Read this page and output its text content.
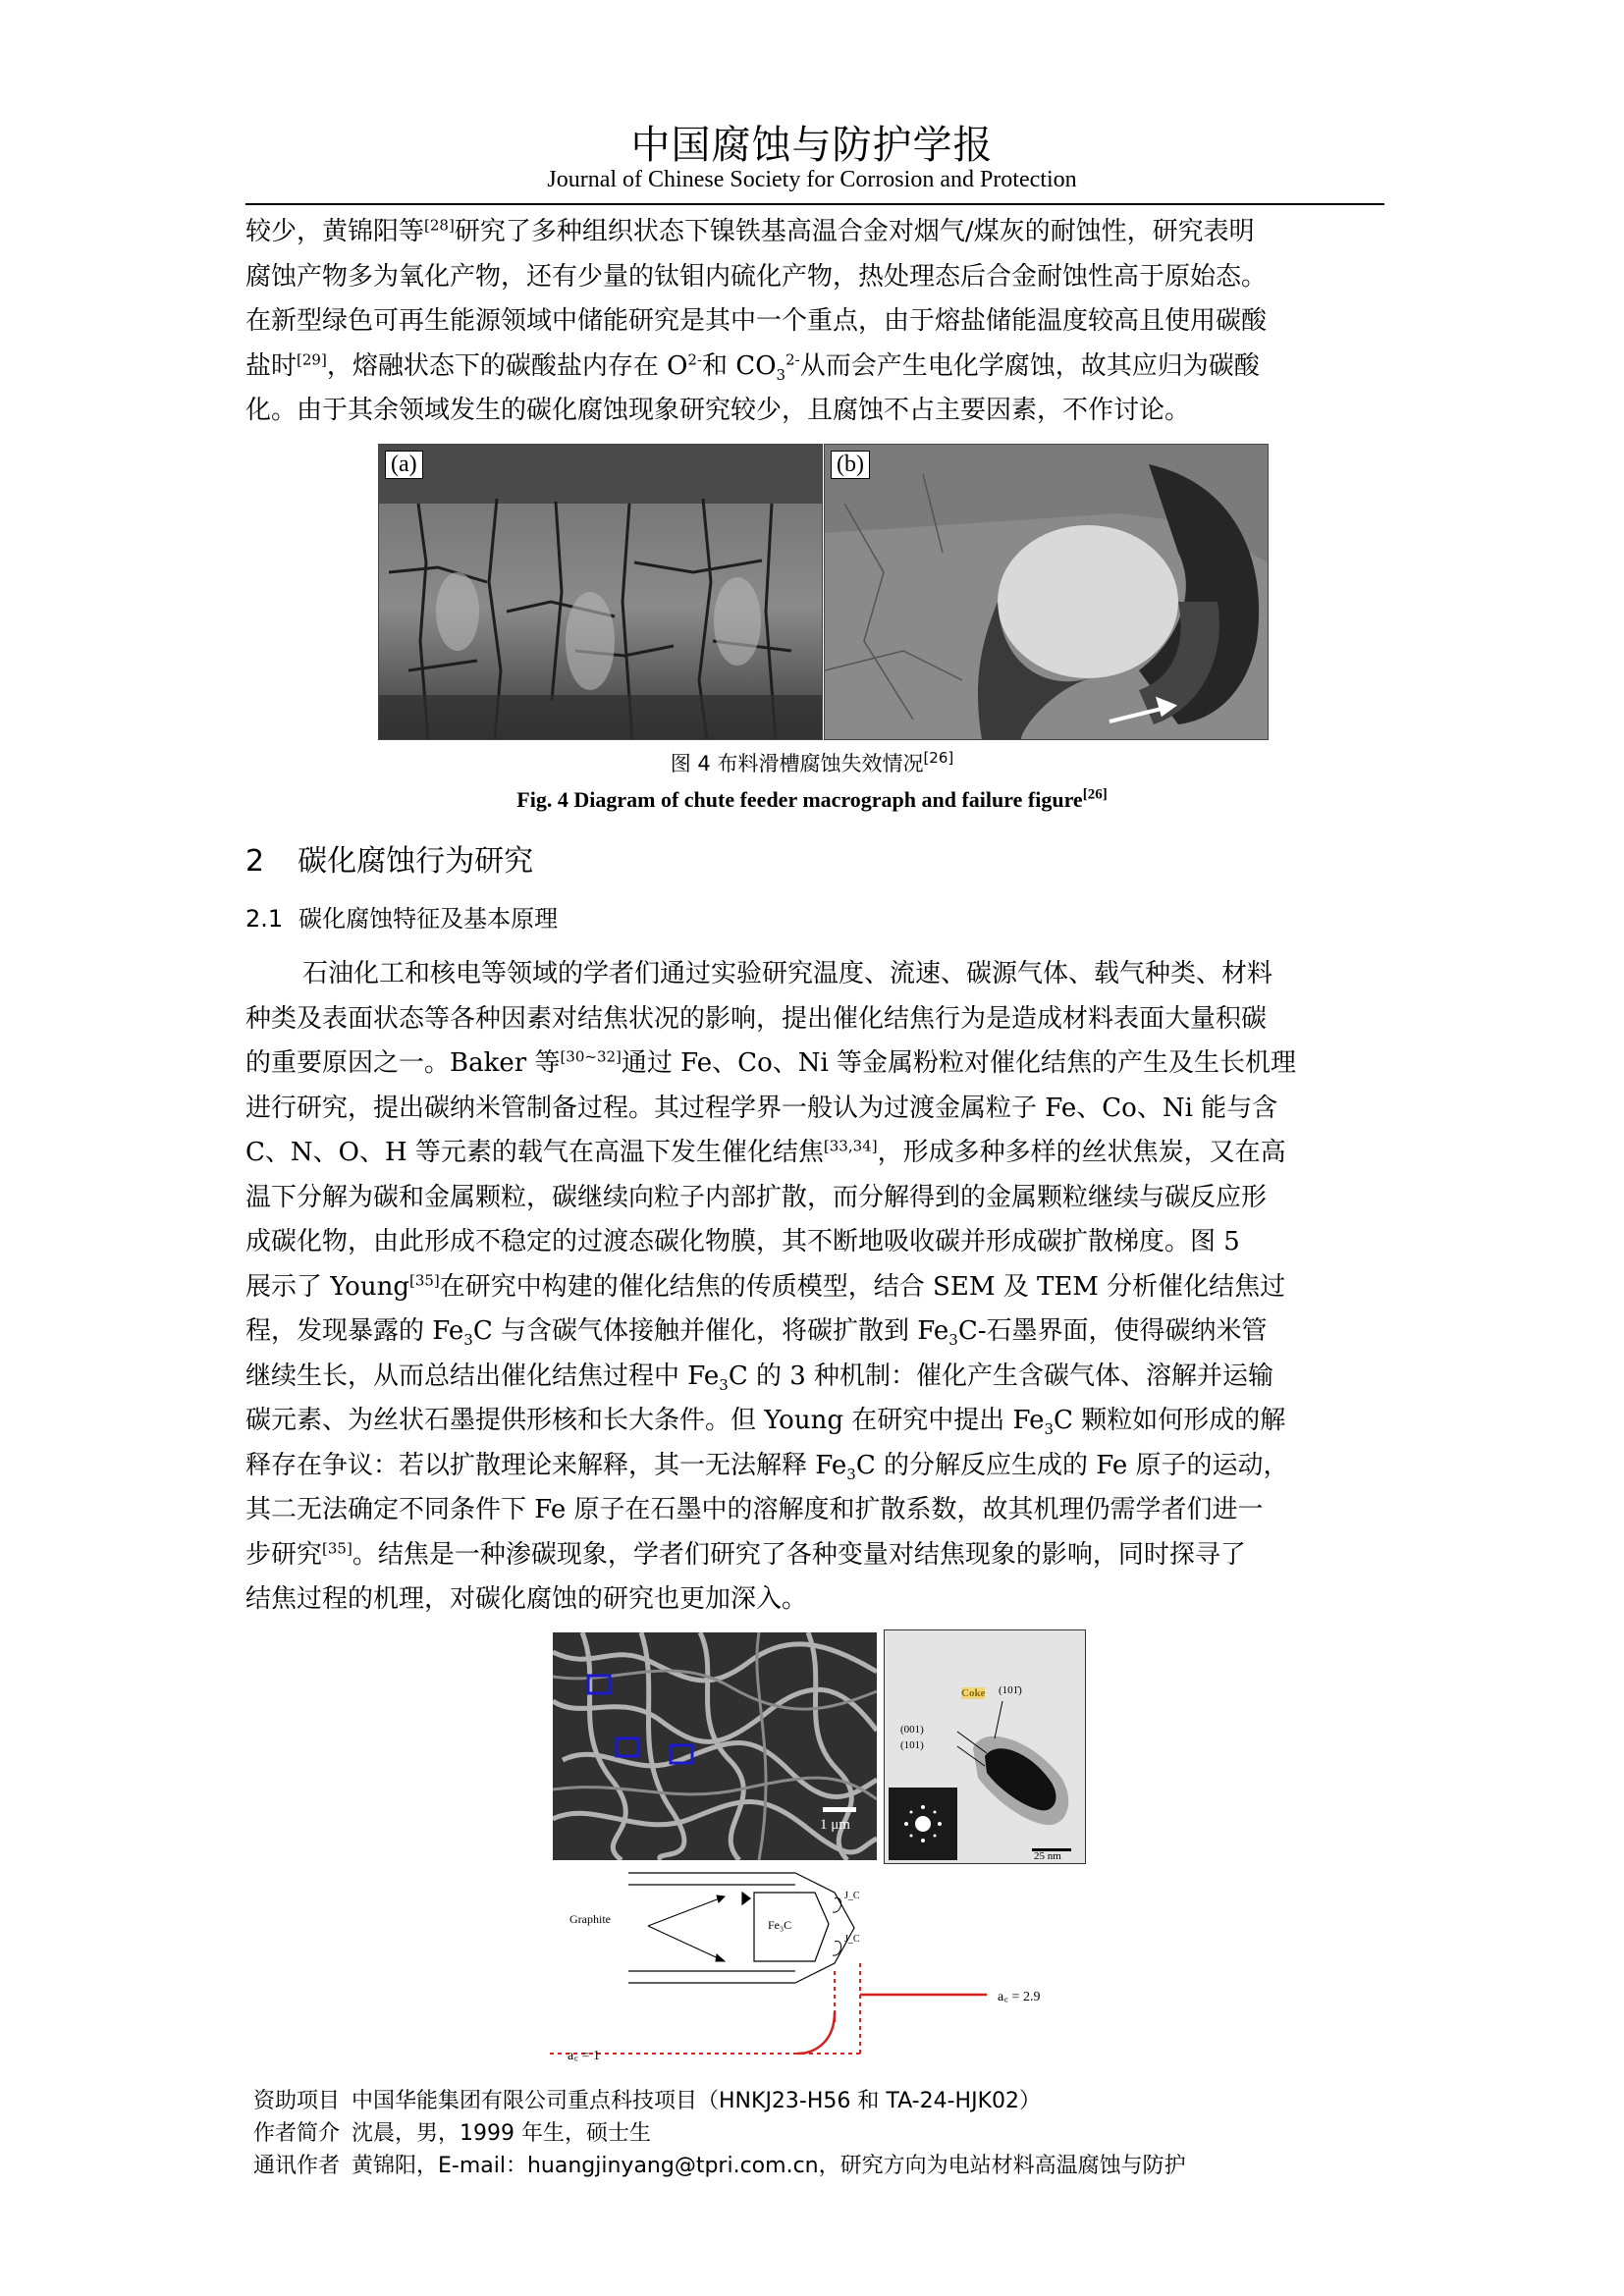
中国腐蚀与防护学报
Journal of Chinese Society for Corrosion and Protection
较少，黄锦阳等[28]研究了多种组织状态下镍铁基高温合金对烟气/煤灰的耐蚀性，研究表明
腐蚀产物多为氧化产物，还有少量的钛钼内硫化产物，热处理态后合金耐蚀性高于原始态。
在新型绿色可再生能源领域中储能研究是其中一个重点，由于熔盐储能温度较高且使用碳酸
盐时[29]，熔融状态下的碳酸盐内存在 $O^{2-}$和 $CO_3^{2-}$从而会产生电化学腐蚀，故其应归为碳酸
化。由于其余领域发生的碳化腐蚀现象研究较少，且腐蚀不占主要因素，不作讨论。
(a)	(b)
图 4 布料滑槽腐蚀失效情况[26]
Fig. 4 Diagram of chute feeder macrograph and failure figure[26]
2 碳化腐蚀行为研究
2.1 碳化腐蚀特征及基本原理
石油化工和核电等领域的学者们通过实验研究温度、流速、碳源气体、载气种类、材料
种类及表面状态等各种因素对结焦状况的影响，提出催化结焦行为是造成材料表面大量积碳
的重要原因之一。Baker 等[30~32]通过 Fe、Co、Ni 等金属粉粒对催化结焦的产生及生长机理
进行研究，提出碳纳米管制备过程。其过程学界一般认为过渡金属粒子 Fe、Co、Ni 能与含
C、N、O、H 等元素的载气在高温下发生催化结焦[33,34]，形成多种多样的丝状焦炭，又在高
温下分解为碳和金属颗粒，碳继续向粒子内部扩散，而分解得到的金属颗粒继续与碳反应形
成碳化物，由此形成不稳定的过渡态碳化物膜，其不断地吸收碳并形成碳扩散梯度。图 5
展示了 Young[35]在研究中构建的催化结焦的传质模型，结合 SEM 及 TEM 分析催化结焦过
程，发现暴露的 $Fe_3C$ 与含碳气体接触并催化，将碳扩散到 $Fe_3C-$石墨界面，使得碳纳米管
继续生长，从而总结出催化结焦过程中 $Fe_3C$ 的 3 种机制：催化产生含碳气体、溶解并运输
碳元素、为丝状石墨提供形核和长大条件。但 Young 在研究中提出 $Fe_3C$ 颗粒如何形成的解
释存在争议：若以扩散理论来解释，其一无法解释 $Fe_3C$ 的分解反应生成的 Fe 原子的运动，
其二无法确定不同条件下 Fe 原子在石墨中的溶解度和扩散系数，故其机理仍需学者们进一
步研究[35]。结焦是一种渗碳现象，学者们研究了各种变量对结焦现象的影响，同时探寻了
结焦过程的机理，对碳化腐蚀的研究也更加深入。
1 μm
Coke (101̄)
(001)
(101)
25 nm
Graphite	Fe₃C
J_C
J_C
a꜀ = 2.9
a꜀ = 1
资助项目 中国华能集团有限公司重点科技项目（HNKJ23-H56 和 TA-24-HJK02）
作者简介 沈晨，男，1999 年生，硕士生
通讯作者 黄锦阳，E-mail：huangjinyang@tpri.com.cn，研究方向为电站材料高温腐蚀与防护
